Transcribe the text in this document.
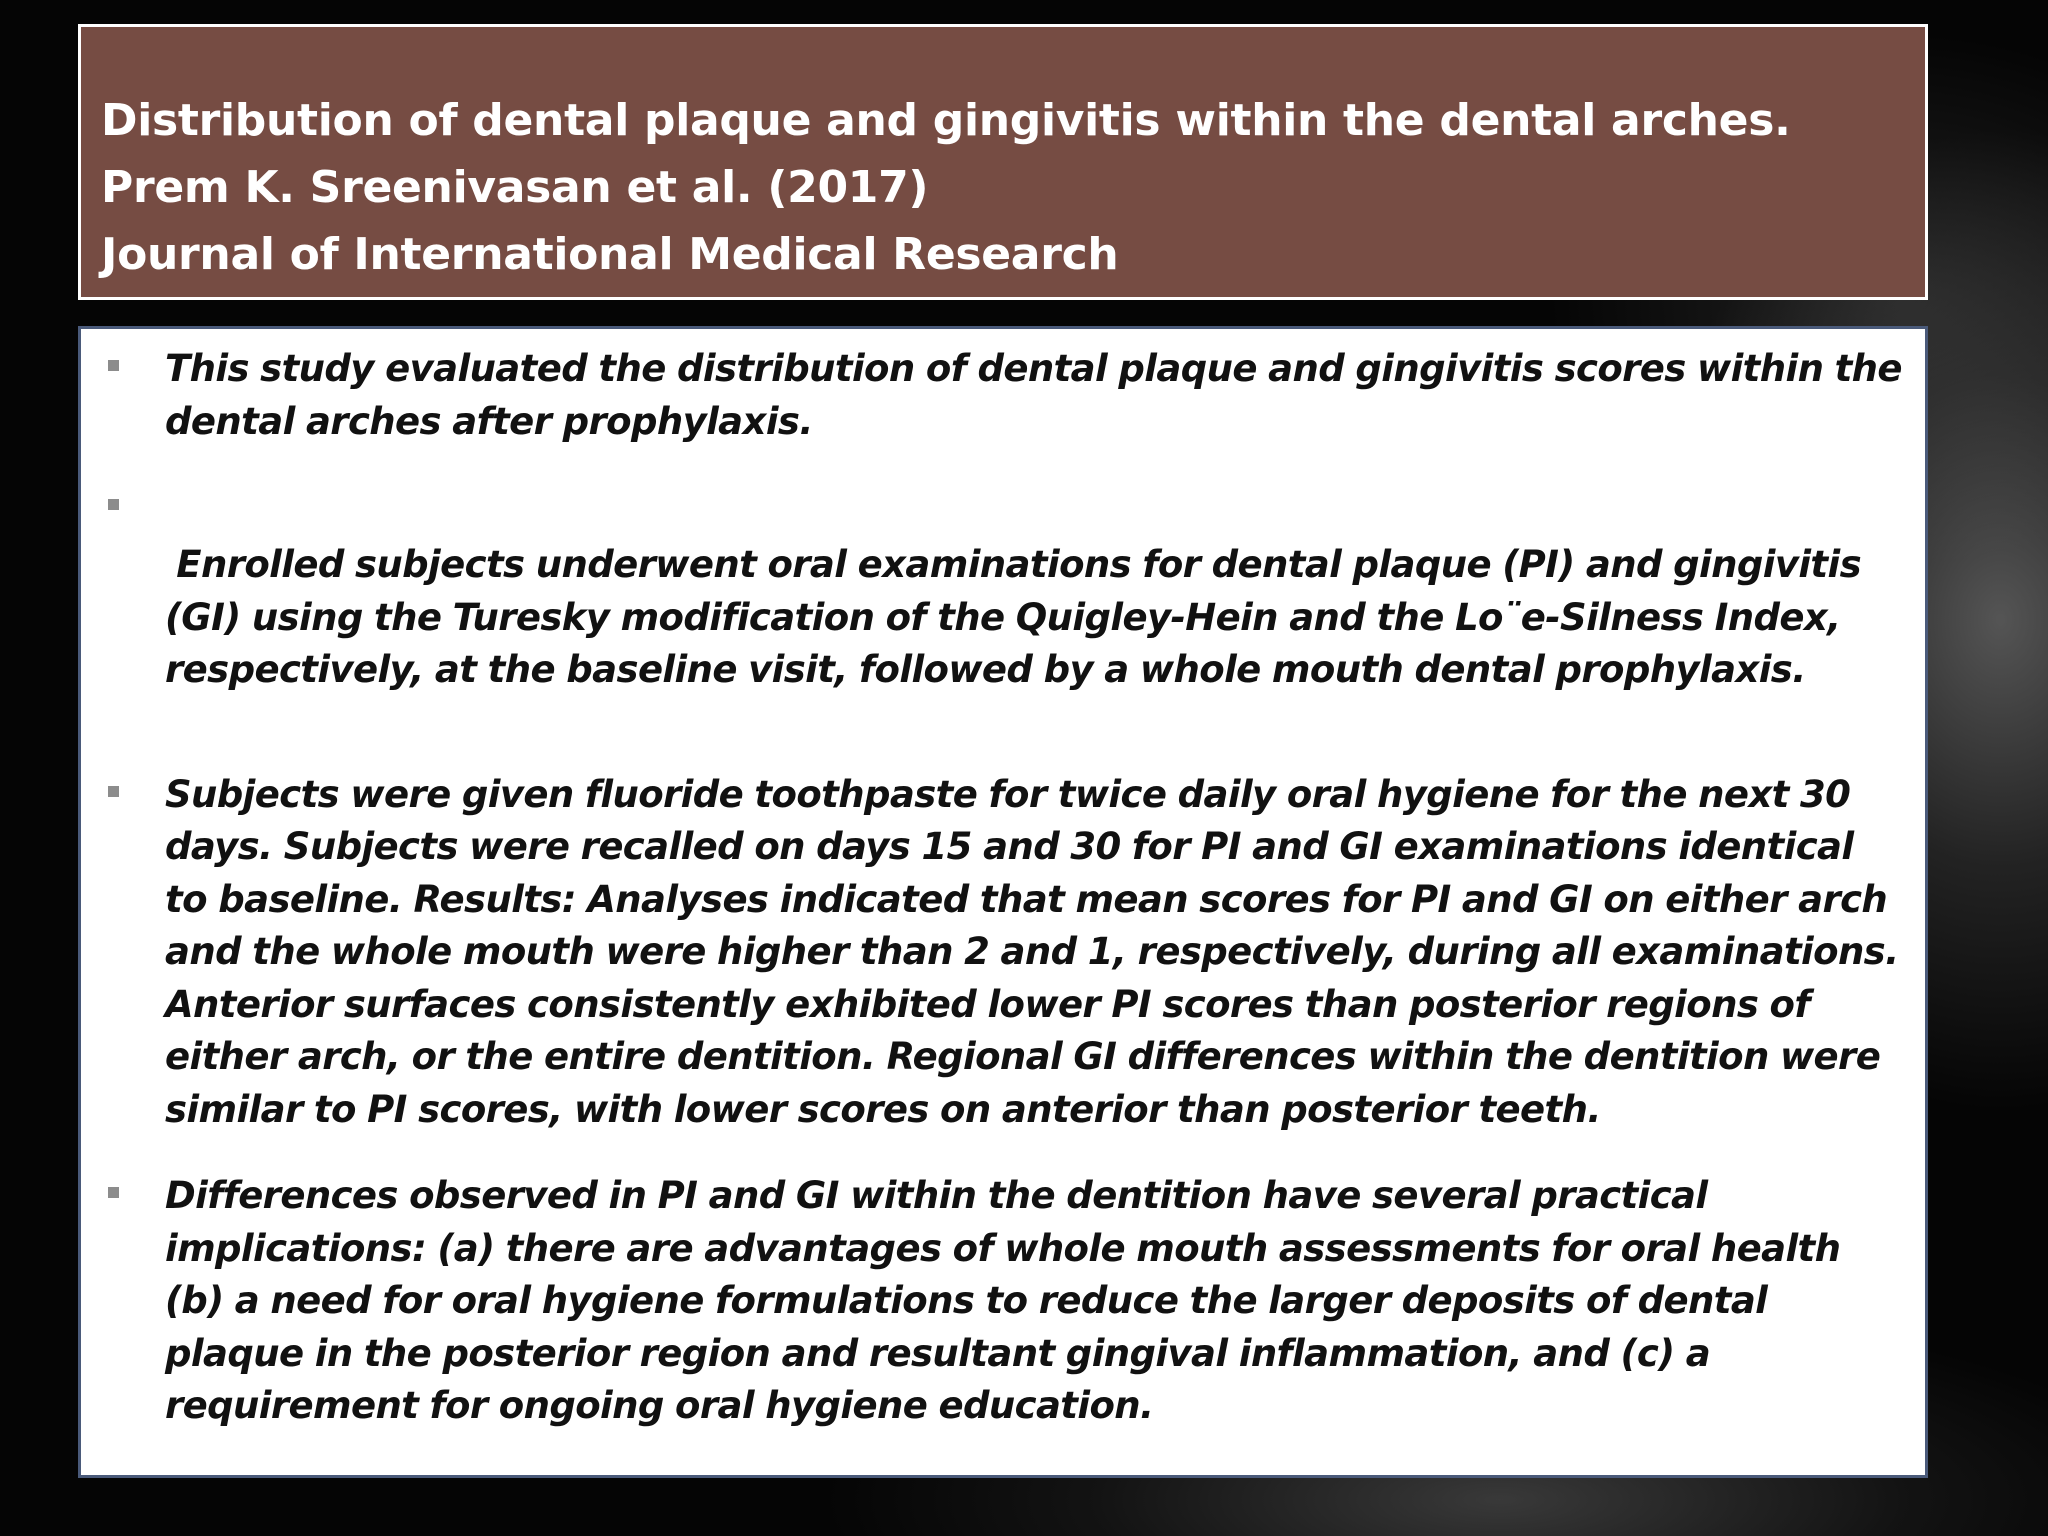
Distribution of dental plaque and gingivitis within the dental arches.
Prem K. Sreenivasan et al. (2017)
Journal of International Medical Research
This study evaluated the distribution of dental plaque and gingivitis scores within the dental arches after prophylaxis.

Enrolled subjects underwent oral examinations for dental plaque (PI) and gingivitis (GI) using the Turesky modification of the Quigley-Hein and the Lo¨e-Silness Index, respectively, at the baseline visit, followed by a whole mouth dental prophylaxis.

Subjects were given fluoride toothpaste for twice daily oral hygiene for the next 30 days. Subjects were recalled on days 15 and 30 for PI and GI examinations identical to baseline. Results: Analyses indicated that mean scores for PI and GI on either arch and the whole mouth were higher than 2 and 1, respectively, during all examinations. Anterior surfaces consistently exhibited lower PI scores than posterior regions of either arch, or the entire dentition. Regional GI differences within the dentition were similar to PI scores, with lower scores on anterior than posterior teeth.
Differences observed in PI and GI within the dentition have several practical implications: (a) there are advantages of whole mouth assessments for oral health (b) a need for oral hygiene formulations to reduce the larger deposits of dental plaque in the posterior region and resultant gingival inflammation, and (c) a requirement for ongoing oral hygiene education.
